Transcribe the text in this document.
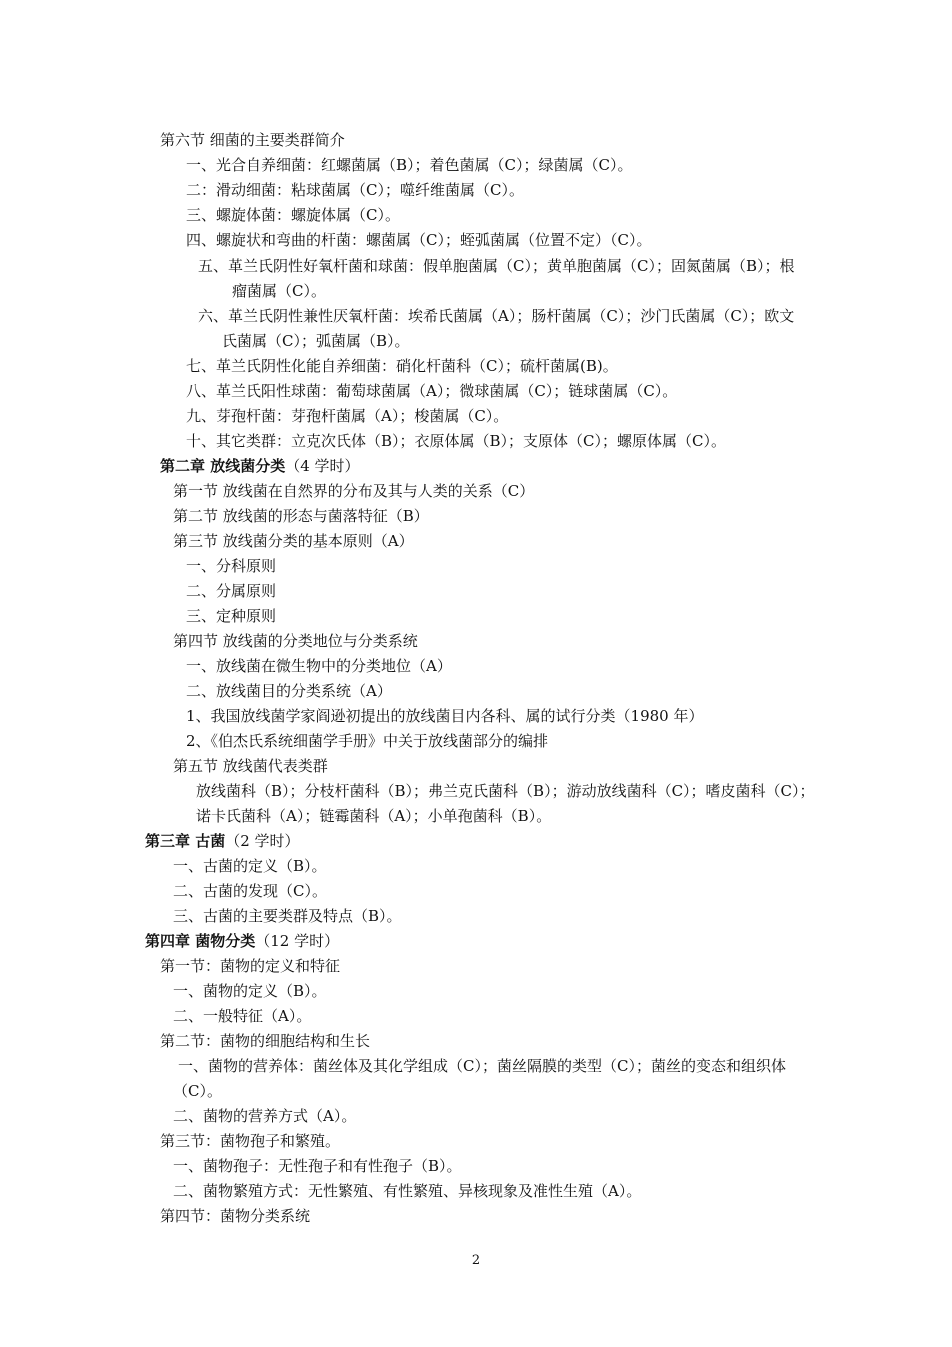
第六节 细菌的主要类群简介
一、光合自养细菌：红螺菌属（B）；着色菌属（C）；绿菌属（C）。
二：滑动细菌：粘球菌属（C）；噬纤维菌属（C）。
三、螺旋体菌：螺旋体属（C）。
四、螺旋状和弯曲的杆菌：螺菌属（C）；蛭弧菌属（位置不定）（C）。
五、革兰氏阴性好氧杆菌和球菌：假单胞菌属（C）；黄单胞菌属（C）；固氮菌属（B）；根
瘤菌属（C）。
六、革兰氏阴性兼性厌氧杆菌：埃希氏菌属（A）；肠杆菌属（C）；沙门氏菌属（C）；欧文
氏菌属（C）；弧菌属（B）。
七、革兰氏阴性化能自养细菌：硝化杆菌科（C）；硫杆菌属(B)。
八、革兰氏阳性球菌：葡萄球菌属（A）；微球菌属（C）；链球菌属（C）。
九、芽孢杆菌：芽孢杆菌属（A）；梭菌属（C）。
十、其它类群：立克次氏体（B）；衣原体属（B）；支原体（C）；螺原体属（C）。
第二章 放线菌分类（4 学时）
第一节 放线菌在自然界的分布及其与人类的关系（C）
第二节 放线菌的形态与菌落特征（B）
第三节 放线菌分类的基本原则（A）
一、分科原则
二、分属原则
三、定种原则
第四节 放线菌的分类地位与分类系统
一、放线菌在微生物中的分类地位（A）
二、放线菌目的分类系统（A）
1、我国放线菌学家阎逊初提出的放线菌目内各科、属的试行分类（1980 年）
2、《伯杰氏系统细菌学手册》中关于放线菌部分的编排
第五节 放线菌代表类群
放线菌科（B）；分枝杆菌科（B）；弗兰克氏菌科（B）；游动放线菌科（C）；嗜皮菌科（C）；
诺卡氏菌科（A）；链霉菌科（A）；小单孢菌科（B）。
第三章 古菌（2 学时）
一、古菌的定义（B）。
二、古菌的发现（C）。
三、古菌的主要类群及特点（B）。
第四章 菌物分类（12 学时）
第一节：菌物的定义和特征
一、菌物的定义（B）。
二、一般特征（A）。
第二节：菌物的细胞结构和生长
一、菌物的营养体：菌丝体及其化学组成（C）；菌丝隔膜的类型（C）；菌丝的变态和组织体
（C）。
二、菌物的营养方式（A）。
第三节：菌物孢子和繁殖。
一、菌物孢子：无性孢子和有性孢子（B）。
二、菌物繁殖方式：无性繁殖、有性繁殖、异核现象及准性生殖（A）。
第四节：菌物分类系统
2
